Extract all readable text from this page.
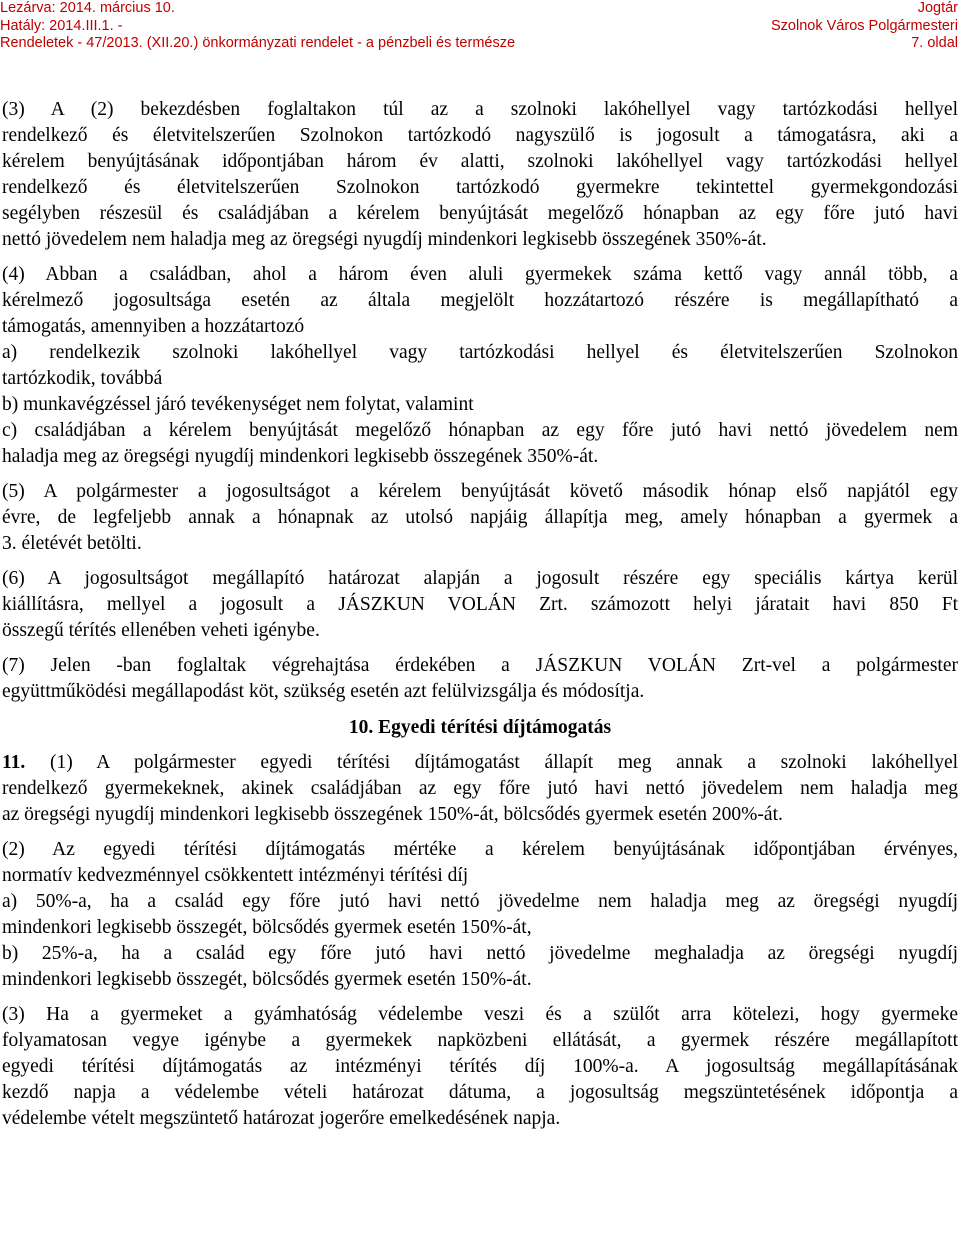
Lezárva: 2014. március 10.
Hatály: 2014.III.1. -
Rendeletek - 47/2013. (XII.20.) önkormányzati rendelet - a pénzbeli és természe
Jogtár
Szolnok Város Polgármesteri
7. oldal
(3) A (2) bekezdésben foglaltakon túl az a szolnoki lakóhellyel vagy tartózkodási hellyel
rendelkező és életvitelszerűen Szolnokon tartózkodó nagyszülő is jogosult a támogatásra, aki a
kérelem benyújtásának időpontjában három év alatti, szolnoki lakóhellyel vagy tartózkodási hellyel
rendelkező és életvitelszerűen Szolnokon tartózkodó gyermekre tekintettel gyermekgondozási
segélyben részesül és családjában a kérelem benyújtását megelőző hónapban az egy főre jutó havi
nettó jövedelem nem haladja meg az öregségi nyugdíj mindenkori legkisebb összegének 350%-át.
(4) Abban a családban, ahol a három éven aluli gyermekek száma kettő vagy annál több, a
kérelmező jogosultsága esetén az általa megjelölt hozzátartozó részére is megállapítható a
támogatás, amennyiben a hozzátartozó
a) rendelkezik szolnoki lakóhellyel vagy tartózkodási hellyel és életvitelszerűen Szolnokon
tartózkodik, továbbá
b) munkavégzéssel járó tevékenységet nem folytat, valamint
c) családjában a kérelem benyújtását megelőző hónapban az egy főre jutó havi nettó jövedelem nem
haladja meg az öregségi nyugdíj mindenkori legkisebb összegének 350%-át.
(5) A polgármester a jogosultságot a kérelem benyújtását követő második hónap első napjától egy
évre, de legfeljebb annak a hónapnak az utolsó napjáig állapítja meg, amely hónapban a gyermek a
3. életévét betölti.
(6) A jogosultságot megállapító határozat alapján a jogosult részére egy speciális kártya kerül
kiállításra, mellyel a jogosult a JÁSZKUN VOLÁN Zrt. számozott helyi járatait havi 850 Ft
összegű térítés ellenében veheti igénybe.
(7) Jelen -ban foglaltak végrehajtása érdekében a JÁSZKUN VOLÁN Zrt-vel a polgármester
együttműködési megállapodást köt, szükség esetén azt felülvizsgálja és módosítja.
10. Egyedi térítési díjtámogatás
11. (1) A polgármester egyedi térítési díjtámogatást állapít meg annak a szolnoki lakóhellyel
rendelkező gyermekeknek, akinek családjában az egy főre jutó havi nettó jövedelem nem haladja meg
az öregségi nyugdíj mindenkori legkisebb összegének 150%-át, bölcsődés gyermek esetén 200%-át.
(2) Az egyedi térítési díjtámogatás mértéke a kérelem benyújtásának időpontjában érvényes,
normatív kedvezménnyel csökkentett intézményi térítési díj
a) 50%-a, ha a család egy főre jutó havi nettó jövedelme nem haladja meg az öregségi nyugdíj
mindenkori legkisebb összegét, bölcsődés gyermek esetén 150%-át,
b) 25%-a, ha a család egy főre jutó havi nettó jövedelme meghaladja az öregségi nyugdíj
mindenkori legkisebb összegét, bölcsődés gyermek esetén 150%-át.
(3) Ha a gyermeket a gyámhatóság védelembe veszi és a szülőt arra kötelezi, hogy gyermeke
folyamatosan vegye igénybe a gyermekek napközbeni ellátását, a gyermek részére megállapított
egyedi térítési díjtámogatás az intézményi térítés díj 100%-a. A jogosultság megállapításának
kezdő napja a védelembe vételi határozat dátuma, a jogosultság megszüntetésének időpontja a
védelembe vételt megszüntető határozat jogerőre emelkedésének napja.
